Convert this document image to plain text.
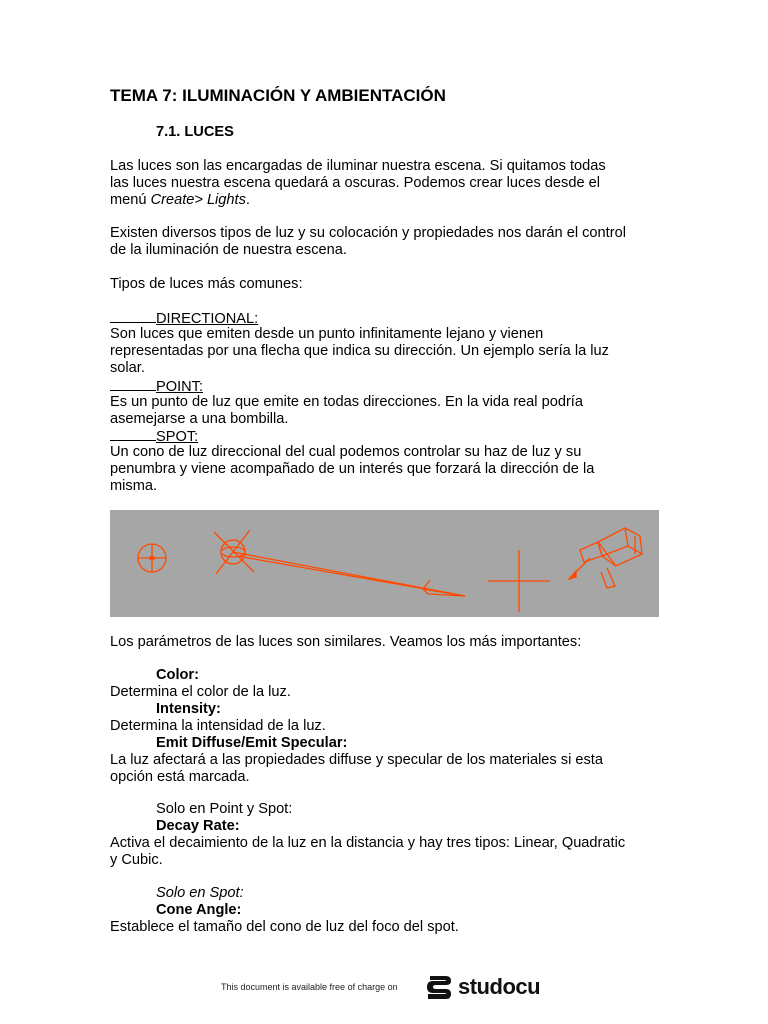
TEMA 7: ILUMINACIÓN Y AMBIENTACIÓN
7.1. LUCES

Las luces son las encargadas de iluminar nuestra escena. Si quitamos todas
las luces nuestra escena quedará a oscuras. Podemos crear luces desde el
menú Create> Lights.

Existen diversos tipos de luz y su colocación y propiedades nos darán el control
de la iluminación de nuestra escena.

Tipos de luces más comunes:

DIRECTIONAL:

Son luces que emiten desde un punto infinitamente lejano y vienen
representadas por una flecha que indica su dirección. Un ejemplo sería la luz
solar.

POINT:

Es un punto de luz que emite en todas direcciones. En la vida real podría
asemejarse a una bombilla.

SPOT:

Un cono de luz direccional del cual podemos controlar su haz de luz y su
penumbra y viene acompañado de un interés que forzará la dirección de la
misma.

Los parámetros de las luces son similares. Veamos los más importantes:

Color:

Determina el color de la luz.

Intensity:

Determina la intensidad de la luz.

Emit Diffuse/Emit Specular:

La luz afectará a las propiedades diffuse y specular de los materiales si esta
opción está marcada.

Solo en Point y Spot:

Decay Rate:

Activa el decaimiento de la luz en la distancia y hay tres tipos: Linear, Quadratic
y Cubic.

Solo en Spot:

Cone Angle:

Establece el tamaño del cono de luz del foco del spot.

This document is available free of charge on	studocu
